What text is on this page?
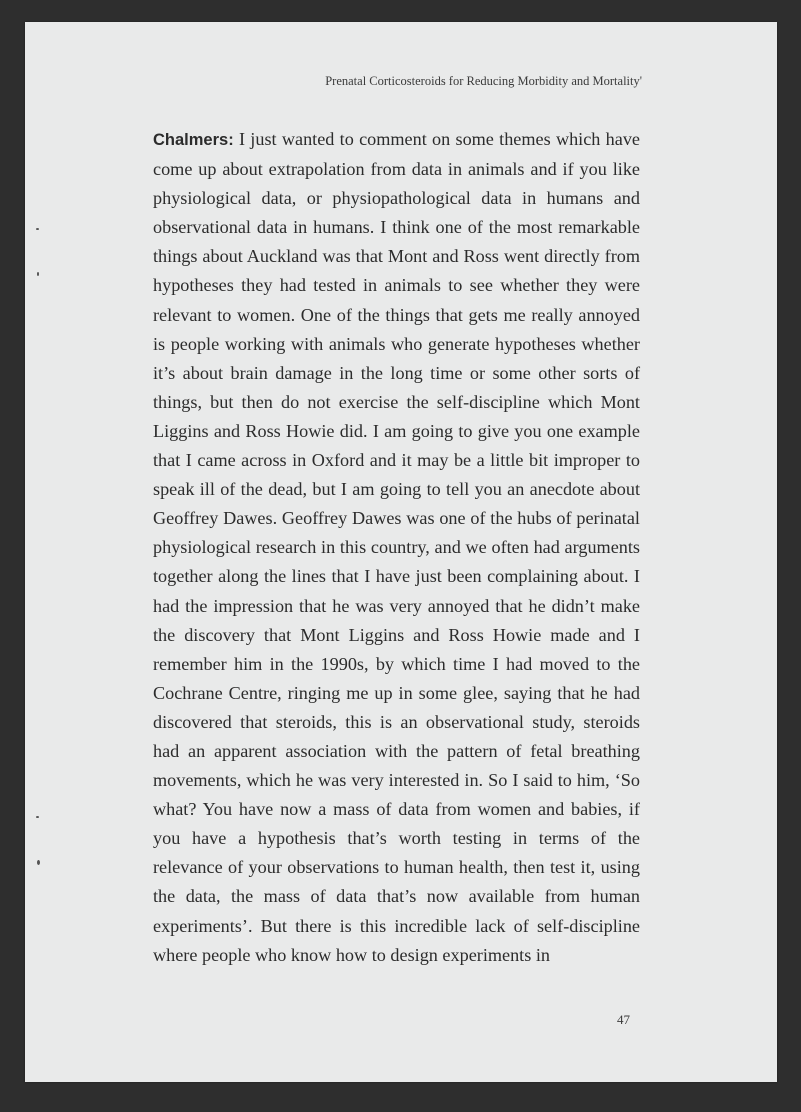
Prenatal Corticosteroids for Reducing Morbidity and Mortality'

Chalmers: I just wanted to comment on some themes which have come up about extrapolation from data in animals and if you like physiological data, or physiopathological data in humans and observational data in humans. I think one of the most remarkable things about Auckland was that Mont and Ross went directly from hypotheses they had tested in animals to see whether they were relevant to women. One of the things that gets me really annoyed is people working with animals who generate hypotheses whether it’s about brain damage in the long time or some other sorts of things, but then do not exercise the self-discipline which Mont Liggins and Ross Howie did. I am going to give you one example that I came across in Oxford and it may be a little bit improper to speak ill of the dead, but I am going to tell you an anecdote about Geoffrey Dawes. Geoffrey Dawes was one of the hubs of perinatal physiological research in this country, and we often had arguments together along the lines that I have just been complaining about. I had the impression that he was very annoyed that he didn’t make the discovery that Mont Liggins and Ross Howie made and I remember him in the 1990s, by which time I had moved to the Cochrane Centre, ringing me up in some glee, saying that he had discovered that steroids, this is an observational study, steroids had an apparent association with the pattern of fetal breathing movements, which he was very interested in. So I said to him, ‘So what? You have now a mass of data from women and babies, if you have a hypothesis that’s worth testing in terms of the relevance of your observations to human health, then test it, using the data, the mass of data that’s now available from human experiments’. But there is this incredible lack of self-discipline where people who know how to design experiments in

47
